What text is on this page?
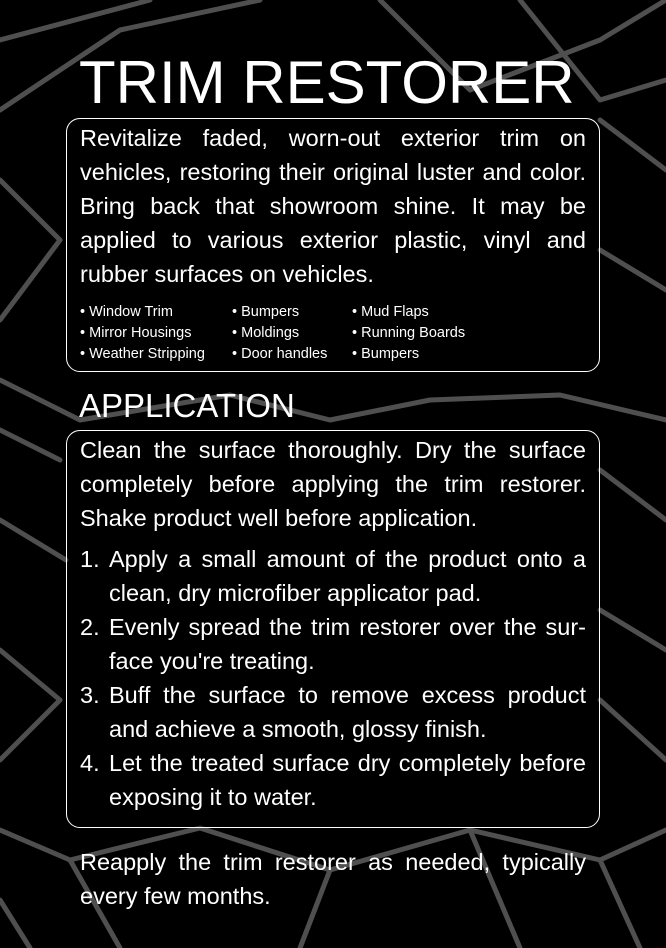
TRIM RESTORER
Revitalize faded, worn-out exterior trim on vehicles, restoring their original luster and color. Bring back that showroom shine. It may be applied to various exterior plastic, vinyl and rubber surfaces on vehicles.
• Window Trim
• Mirror Housings
• Weather Stripping
• Bumpers
• Moldings
• Door handles
• Mud Flaps
• Running Boards
• Bumpers
APPLICATION
Clean the surface thoroughly. Dry the surface completely before applying the trim restorer. Shake product well before application.
1. Apply a small amount of the product onto a clean, dry microfiber applicator pad.
2. Evenly spread the trim restorer over the sur-face you're treating.
3. Buff the surface to remove excess product and achieve a smooth, glossy finish.
4. Let the treated surface dry completely before exposing it to water.
Reapply the trim restorer as needed, typically every few months.
